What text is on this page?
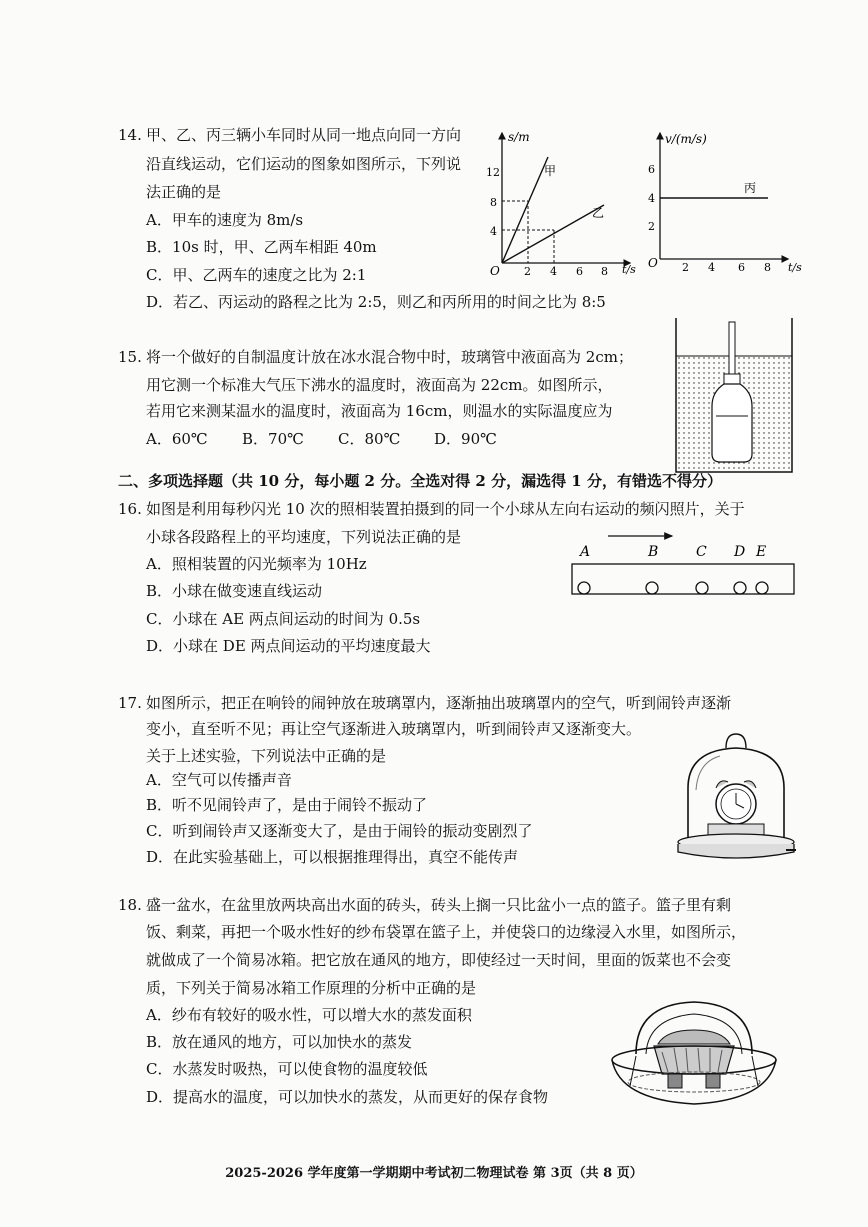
14. 甲、乙、丙三辆小车同时从同一地点向同一方向
沿直线运动，它们运动的图象如图所示，下列说
法正确的是
A．甲车的速度为 8m/s
B．10s 时，甲、乙两车相距 40m
C．甲、乙两车的速度之比为 2:1
D．若乙、丙运动的路程之比为 2:5，则乙和丙所用的时间之比为 8:5
s/m
t/s
O
12
8
4
2 4 6 8
甲
乙
v/(m/s)
t/s
O
6
4
2
2 4 6 8
丙
15. 将一个做好的自制温度计放在冰水混合物中时，玻璃管中液面高为 2cm；
用它测一个标准大气压下沸水的温度时，液面高为 22cm。如图所示，
若用它来测某温水的温度时，液面高为 16cm，则温水的实际温度应为
A．60℃ B．70℃ C．80℃ D．90℃
二、多项选择题（共 10 分，每小题 2 分。全选对得 2 分，漏选得 1 分，有错选不得分）
16. 如图是利用每秒闪光 10 次的照相装置拍摄到的同一个小球从左向右运动的频闪照片，关于
小球各段路程上的平均速度，下列说法正确的是
A．照相装置的闪光频率为 10Hz
B．小球在做变速直线运动
C．小球在 AE 两点间运动的时间为 0.5s
D．小球在 DE 两点间运动的平均速度最大
A	B	C D E
17. 如图所示，把正在响铃的闹钟放在玻璃罩内，逐渐抽出玻璃罩内的空气，听到闹铃声逐渐
变小，直至听不见；再让空气逐渐进入玻璃罩内，听到闹铃声又逐渐变大。
关于上述实验，下列说法中正确的是
A．空气可以传播声音
B．听不见闹铃声了，是由于闹铃不振动了
C．听到闹铃声又逐渐变大了，是由于闹铃的振动变剧烈了
D．在此实验基础上，可以根据推理得出，真空不能传声
18. 盛一盆水，在盆里放两块高出水面的砖头，砖头上搁一只比盆小一点的篮子。篮子里有剩
饭、剩菜，再把一个吸水性好的纱布袋罩在篮子上，并使袋口的边缘浸入水里，如图所示，
就做成了一个简易冰箱。把它放在通风的地方，即使经过一天时间，里面的饭菜也不会变
质，下列关于简易冰箱工作原理的分析中正确的是
A．纱布有较好的吸水性，可以增大水的蒸发面积
B．放在通风的地方，可以加快水的蒸发
C．水蒸发时吸热，可以使食物的温度较低
D．提高水的温度，可以加快水的蒸发，从而更好的保存食物
2025-2026 学年度第一学期期中考试初二物理试卷 第 3页（共 8 页）
